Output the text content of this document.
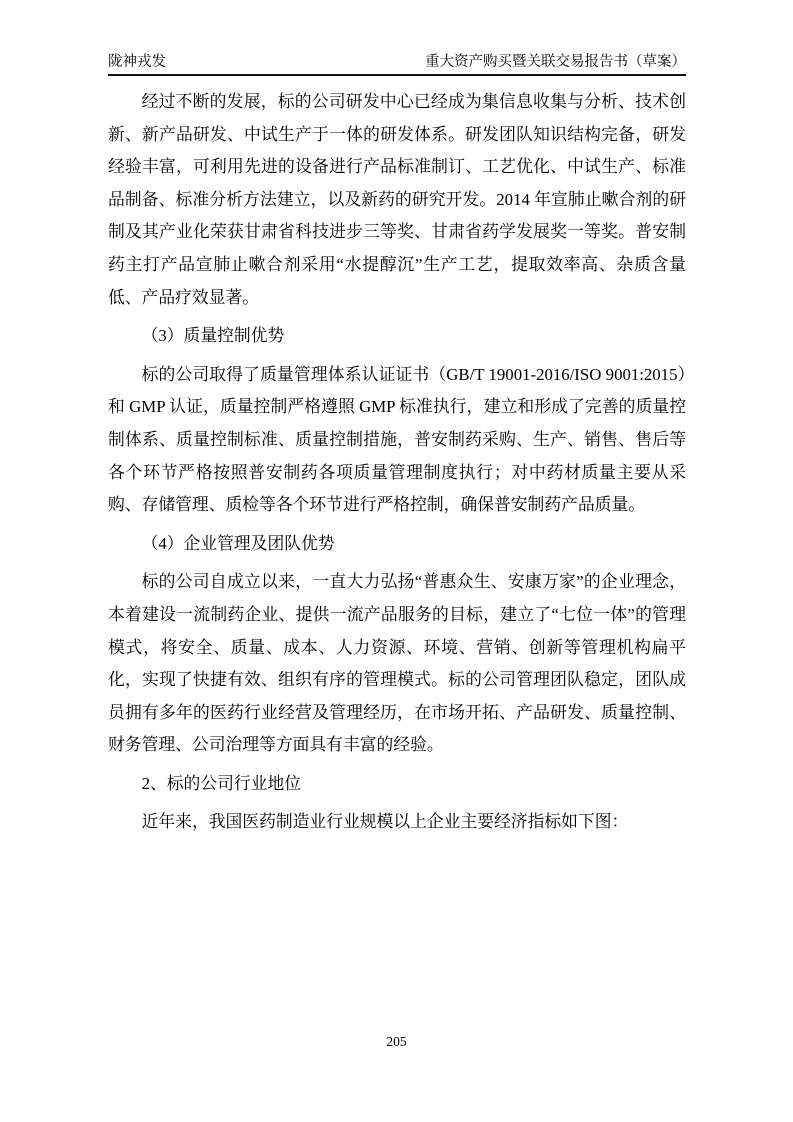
陇神戎发	重大资产购买暨关联交易报告书（草案）

经过不断的发展，标的公司研发中心已经成为集信息收集与分析、技术创新、新产品研发、中试生产于一体的研发体系。研发团队知识结构完备，研发经验丰富，可利用先进的设备进行产品标准制订、工艺优化、中试生产、标准品制备、标准分析方法建立，以及新药的研究开发。2014 年宣肺止嗽合剂的研制及其产业化荣获甘肃省科技进步三等奖、甘肃省药学发展奖一等奖。普安制药主打产品宣肺止嗽合剂采用“水提醇沉”生产工艺，提取效率高、杂质含量低、产品疗效显著。

（3）质量控制优势

标的公司取得了质量管理体系认证证书（GB/T 19001-2016/ISO 9001:2015）和 GMP 认证，质量控制严格遵照 GMP 标准执行，建立和形成了完善的质量控制体系、质量控制标准、质量控制措施，普安制药采购、生产、销售、售后等各个环节严格按照普安制药各项质量管理制度执行；对中药材质量主要从采购、存储管理、质检等各个环节进行严格控制，确保普安制药产品质量。

（4）企业管理及团队优势

标的公司自成立以来，一直大力弘扬“普惠众生、安康万家”的企业理念，本着建设一流制药企业、提供一流产品服务的目标，建立了“七位一体”的管理模式，将安全、质量、成本、人力资源、环境、营销、创新等管理机构扁平化，实现了快捷有效、组织有序的管理模式。标的公司管理团队稳定，团队成员拥有多年的医药行业经营及管理经历，在市场开拓、产品研发、质量控制、财务管理、公司治理等方面具有丰富的经验。

2、标的公司行业地位

近年来，我国医药制造业行业规模以上企业主要经济指标如下图：

205
